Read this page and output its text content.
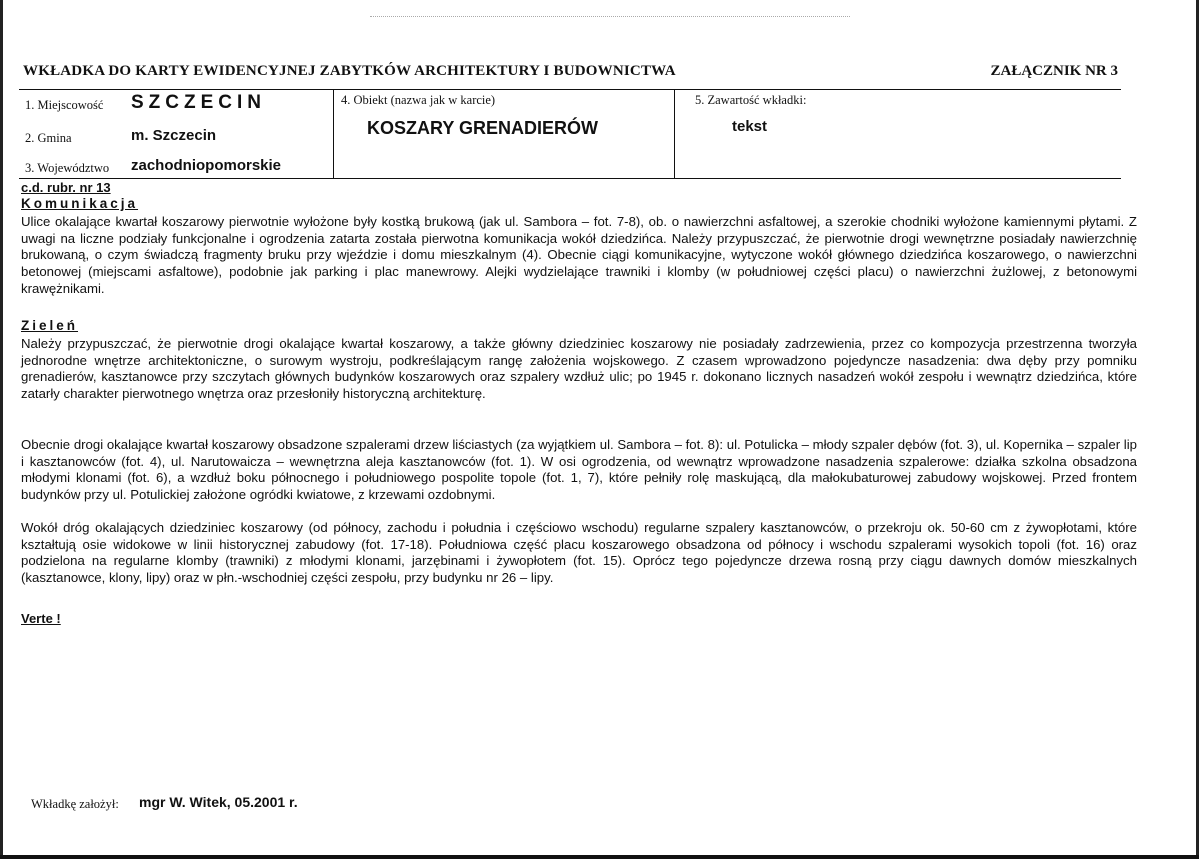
WKŁADKA DO KARTY EWIDENCYJNEJ ZABYTKÓW ARCHITEKTURY I BUDOWNICTWA	ZAŁĄCZNIK NR 3
1. Miejscowość SZCZECIN
2. Gmina	m. Szczecin
3. Województwo zachodniopomorskie
4. Obiekt (nazwa jak w karcie)
KOSZARY GRENADIERÓW
5. Zawartość wkładki:
tekst
c.d. rubr. nr 13
Komunikacja

Ulice okalające kwartał koszarowy pierwotnie wyłożone były kostką brukową (jak ul. Sambora – fot. 7-8), ob. o nawierzchni asfaltowej, a szerokie chodniki wyłożone kamiennymi płytami. Z uwagi na liczne podziały funkcjonalne i ogrodzenia zatarta została pierwotna komunikacja wokół dziedzińca. Należy przypuszczać, że pierwotnie drogi wewnętrzne posiadały nawierzchnię brukowaną, o czym świadczą fragmenty bruku przy wjeździe i domu mieszkalnym (4). Obecnie ciągi komunikacyjne, wytyczone wokół głównego dziedzińca koszarowego, o nawierzchni betonowej (miejscami asfaltowe), podobnie jak parking i plac manewrowy. Alejki wydzielające trawniki i klomby (w południowej części placu) o nawierzchni żużlowej, z betonowymi krawężnikami.

Zieleń

Należy przypuszczać, że pierwotnie drogi okalające kwartał koszarowy, a także główny dziedziniec koszarowy nie posiadały zadrzewienia, przez co kompozycja przestrzenna tworzyła jednorodne wnętrze architektoniczne, o surowym wystroju, podkreślającym rangę założenia wojskowego. Z czasem wprowadzono pojedyncze nasadzenia: dwa dęby przy pomniku grenadierów, kasztanowce przy szczytach głównych budynków koszarowych oraz szpalery wzdłuż ulic; po 1945 r. dokonano licznych nasadzeń wokół zespołu i wewnątrz dziedzińca, które zatarły charakter pierwotnego wnętrza oraz przesłoniły historyczną architekturę.

Obecnie drogi okalające kwartał koszarowy obsadzone szpalerami drzew liściastych (za wyjątkiem ul. Sambora – fot. 8): ul. Potulicka – młody szpaler dębów (fot. 3), ul. Kopernika – szpaler lip i kasztanowców (fot. 4), ul. Narutowaicza – wewnętrzna aleja kasztanowców (fot. 1). W osi ogrodzenia, od wewnątrz wprowadzone nasadzenia szpalerowe: działka szkolna obsadzona młodymi klonami (fot. 6), a wzdłuż boku północnego i południowego pospolite topole (fot. 1, 7), które pełniły rolę maskującą, dla małokubaturowej zabudowy wojskowej. Przed frontem budynków przy ul. Potulickiej założone ogródki kwiatowe, z krzewami ozdobnymi.

Wokół dróg okalających dziedziniec koszarowy (od północy, zachodu i południa i częściowo wschodu) regularne szpalery kasztanowców, o przekroju ok. 50-60 cm z żywopłotami, które kształtują osie widokowe w linii historycznej zabudowy (fot. 17-18). Południowa część placu koszarowego obsadzona od północy i wschodu szpalerami wysokich topoli (fot. 16) oraz podzielona na regularne klomby (trawniki) z młodymi klonami, jarzębinami i żywopłotem (fot. 15). Oprócz tego pojedyncze drzewa rosną przy ciągu dawnych domów mieszkalnych (kasztanowce, klony, lipy) oraz w płn.-wschodniej części zespołu, przy budynku nr 26 – lipy.

Verte !
Wkładkę założył: mgr W. Witek, 05.2001 r.
